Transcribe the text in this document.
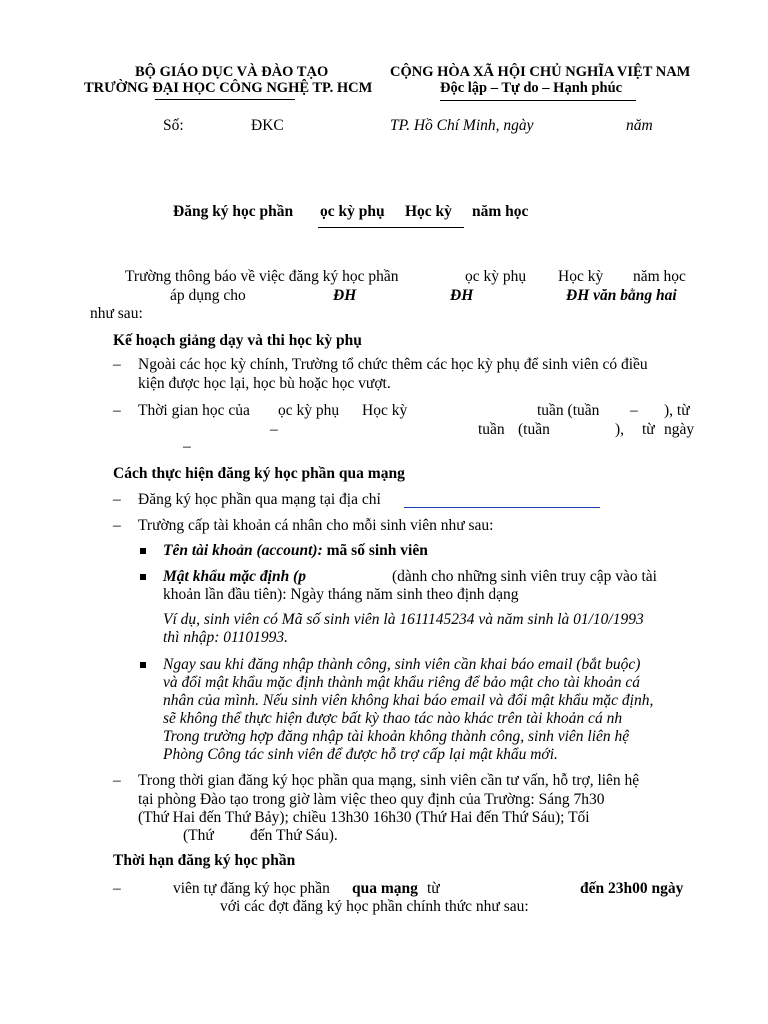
BỘ GIÁO DỤC VÀ ĐÀO TẠO
TRƯỜNG ĐẠI HỌC CÔNG NGHỆ TP. HCM
CỘNG HÒA XÃ HỘI CHỦ NGHĨA VIỆT NAM
Độc lập – Tự do – Hạnh phúc
Số:	ĐKC	TP. Hồ Chí Minh, ngày	năm
Đăng ký học phần ọc kỳ phụ Học kỳ năm học
Trường thông báo về việc đăng ký học phần	ọc kỳ phụ Học kỳ năm học
áp dụng cho	ĐH	ĐH	ĐH văn bằng hai
như sau:
Kế hoạch giảng dạy và thi học kỳ phụ
– Ngoài các học kỳ chính, Trường tổ chức thêm các học kỳ phụ để sinh viên có điều
kiện được học lại, học bù hoặc học vượt.
– Thời gian học của ọc kỳ phụ Học kỳ	tuần (tuần – ), từ
–	tuần (tuần	), từ ngày
–
Cách thực hiện đăng ký học phần qua mạng
– Đăng ký học phần qua mạng tại địa chỉ
– Trường cấp tài khoản cá nhân cho mỗi sinh viên như sau:
Tên tài khoản (account): mã số sinh viên
Mật khẩu mặc định (p	(dành cho những sinh viên truy cập vào tài
khoản lần đầu tiên): Ngày tháng năm sinh theo định dạng
Ví dụ, sinh viên có Mã số sinh viên là 1611145234 và năm sinh là 01/10/1993
thì nhập: 01101993.
Ngay sau khi đăng nhập thành công, sinh viên cần khai báo email (bắt buộc)
và đổi mật khẩu mặc định thành mật khẩu riêng để bảo mật cho tài khoản cá
nhân của mình. Nếu sinh viên không khai báo email và đổi mật khẩu mặc định,
sẽ không thể thực hiện được bất kỳ thao tác nào khác trên tài khoản cá nh
Trong trường hợp đăng nhập tài khoản không thành công, sinh viên liên hệ
Phòng Công tác sinh viên để được hỗ trợ cấp lại mật khẩu mới.
– Trong thời gian đăng ký học phần qua mạng, sinh viên cần tư vấn, hỗ trợ, liên hệ
tại phòng Đào tạo trong giờ làm việc theo quy định của Trường: Sáng 7h30
(Thứ Hai đến Thứ Bảy); chiều 13h30 16h30 (Thứ Hai đến Thứ Sáu); Tối
(Thứ đến Thứ Sáu).
Thời hạn đăng ký học phần
–	viên tự đăng ký học phần qua mạng từ	đến 23h00 ngày
với các đợt đăng ký học phần chính thức như sau:
